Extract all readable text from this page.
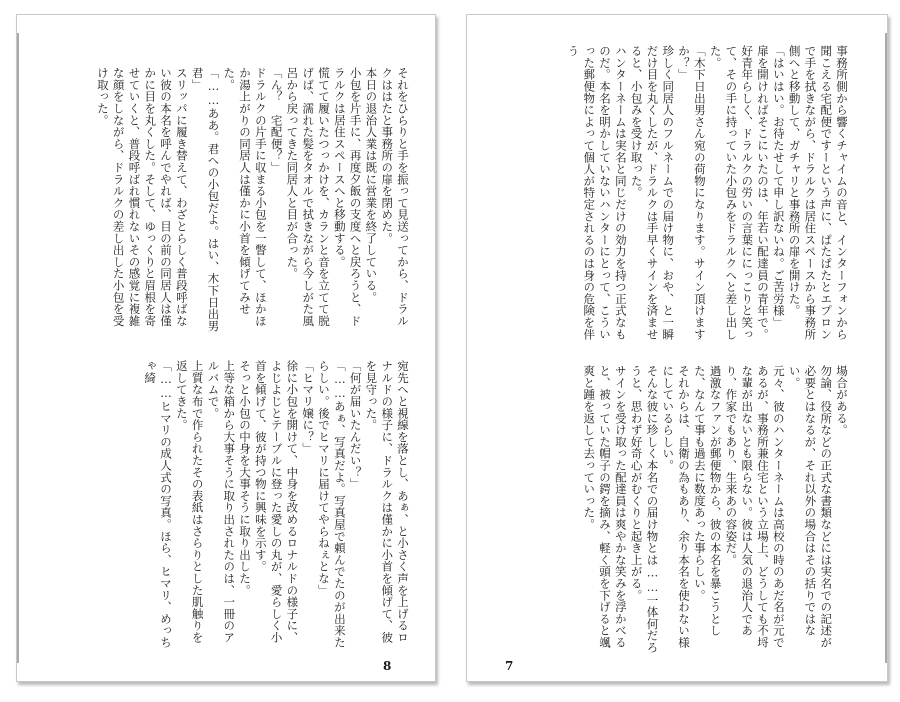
それをひらりと手を振って見送ってから、ドラルクははたと事務所の扉を閉めた。

本日の退治人業は既に営業を終了している。

小包を片手に、再度夕飯の支度へと戻ろうと、ドラルクは居住スペースへと移動する。

慌てて履いたつっかけを、カランと音を立てて脱げば、濡れた髪をタオルで拭きながら今しがた風呂から戻ってきた同居人と目が合った。

「ん？　宅配便？」

ドラルクの片手に収まる小包を一瞥して、ほかほか湯上がりの同居人は僅かに小首を傾げてみせた。

「……ああ。君への小包だよ。はい、木下日出男君」

スリッパに履き替えて、わざとらしく普段呼ばない彼の本名を呼んでやれば、目の前の同居人は僅かに目を丸くした。そして、ゆっくりと眉根を寄せていくと、普段呼ばれ慣れないその感覚に複雑な顔をしながら、ドラルクの差し出した小包を受け取った。

宛先へと視線を落とし、あぁ、と小さく声を上げるロナルドの様子に、ドラルクは僅かに小首を傾げて、彼を見守った。

「何が届いたんだい？」

「……あぁ、写真だよ。写真屋で頼んでたのが出来たらしい。後でヒマリに届けてやらねぇとな」

「ヒマリ嬢に？」

徐に小包を開けて、中身を改めるロナルドの様子に、よじよじとテーブルに登った愛しの丸が、愛らしく小首を傾げて、彼が持つ物に興味を示す。

そっと小包の中身を大事そうに取り出した。

上等な箱から大事そうに取り出されたのは、一冊のアルバムで。

上質な布で作られたその表紙はさらりとした肌触りを返してきた。

「……ヒマリの成人式の写真。ほら、ヒマリ、めっちゃ綺

8

事務所側から響くチャイムの音と、インターフォンから聞こえる宅配便ですーという声に、ぱたぱたとエプロンで手を拭きながら、ドラルクは居住スペースから事務所側へと移動して、ガチャリと事務所の扉を開けた。

「はいはい。お待たせして申し訳ないね。ご苦労様」

扉を開ければそこにいたのは、年若い配達員の青年で。好青年らしく、ドラルクの労いの言葉ににっこりと笑って、その手に持っていた小包みをドラルクへと差し出した。

「木下日出男さん宛の荷物になります。サイン頂けますか？」

珍しく同居人のフルネームでの届け物に、おや、と一瞬だけ目を丸くしたが、ドラルクは手早くサインを済ませると、小包みを受け取った。

ハンターネームは実名と同じだけの効力を持つ正式なものだ。本名を明かしていないハンターにとって、こういった郵便物によって個人が特定されるのは身の危険を伴う

場合がある。

勿論、役所などの正式な書類などには実名での記述が必要とはなるが、それ以外の場合はその括りではない。

元々、彼のハンターネームは高校の時のあだ名が元であるが、事務所兼住宅という立場上、どうしても不埒な輩が出ないとも限らない。彼は人気の退治人であり、作家でもあり、生来あの容姿だ。

過激なファンが郵便物から、彼の本名を暴こうとした、なんて事も過去に数度あった事らしい。

それからは、自衛の為もあり、余り本名を使わない様にしているらしい。

そんな彼に珍しく本名での届け物とは……一体何だろうと、思わず好奇心がむくりと起き上がる。

サインを受け取った配達員は爽やかな笑みを浮かべると、被っていた帽子の鍔を摘み、軽く頭を下げると颯爽と踵を返して去っていった。

7
